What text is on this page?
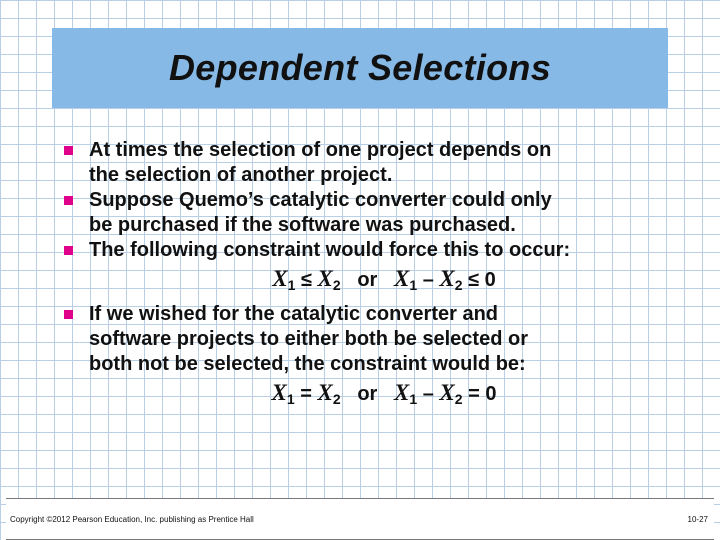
Dependent Selections
At times the selection of one project depends on
the selection of another project.
Suppose Quemo’s catalytic converter could only
be purchased if the software was purchased.
The following constraint would force this to occur:
$X_1 \le X_2$ or $X_1 - X_2 \le 0$
If we wished for the catalytic converter and
software projects to either both be selected or
both not be selected, the constraint would be:
$X_1 = X_2$ or $X_1 - X_2 = 0$
Copyright ©2012 Pearson Education, Inc. publishing as Prentice Hall	10-27
